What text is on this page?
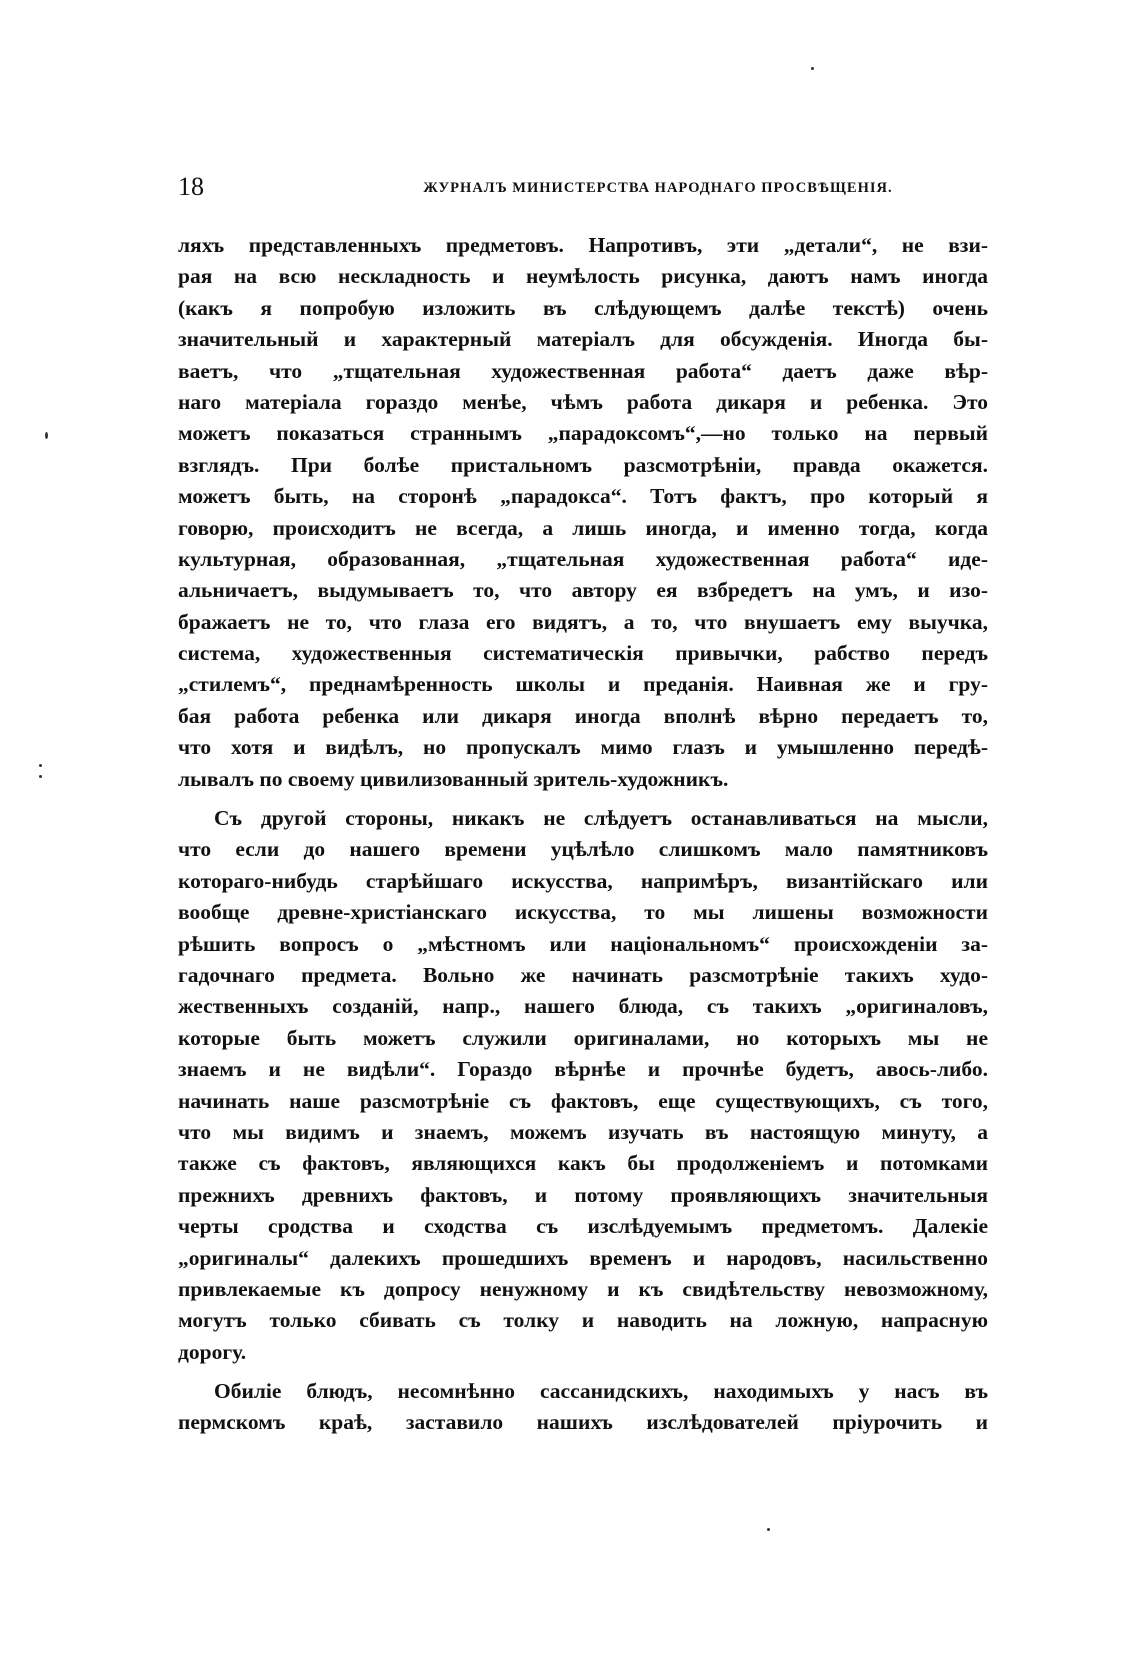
18	ЖУРНАЛЪ МИНИСТЕРСТВА НАРОДНАГО ПРОСВѢЩЕНІЯ.
ляхъ представленныхъ предметовъ. Напротивъ, эти „детали“, не взи-
рая на всю нескладность и неумѣлость рисунка, даютъ намъ иногда
(какъ я попробую изложить въ слѣдующемъ далѣе текстѣ) очень
значительный и характерный матеріалъ для обсужденія. Иногда бы-
ваетъ, что „тщательная художественная работа“ даетъ даже вѣр-
наго матеріала гораздо менѣе, чѣмъ работа дикаря и ребенка. Это
можетъ показаться страннымъ „парадоксомъ“,—но только на первый
взглядъ. При болѣе пристальномъ разсмотрѣніи, правда окажется.
можетъ быть, на сторонѣ „парадокса“. Тотъ фактъ, про который я
говорю, происходитъ не всегда, а лишь иногда, и именно тогда, когда
культурная, образованная, „тщательная художественная работа“ иде-
альничаетъ, выдумываетъ то, что автору ея взбредетъ на умъ, и изо-
бражаетъ не то, что глаза его видятъ, а то, что внушаетъ ему выучка,
система, художественныя систематическія привычки, рабство передъ
„стилемъ“, преднамѣренность школы и преданія. Наивная же и гру-
бая работа ребенка или дикаря иногда вполнѣ вѣрно передаетъ то,
что хотя и видѣлъ, но пропускалъ мимо глазъ и умышленно передѣ-
лывалъ по своему цивилизованный зритель-художникъ.
Съ другой стороны, никакъ не слѣдуетъ останавливаться на мысли,
что если до нашего времени уцѣлѣло слишкомъ мало памятниковъ
котораго-нибудь старѣйшаго искусства, напримѣръ, византійскаго или
вообще древне-христіанскаго искусства, то мы лишены возможности
рѣшить вопросъ о „мѣстномъ или національномъ“ происхожденіи за-
гадочнаго предмета. Вольно же начинать разсмотрѣніе такихъ худо-
жественныхъ созданій, напр., нашего блюда, съ такихъ „оригиналовъ,
которые быть можетъ служили оригиналами, но которыхъ мы не
знаемъ и не видѣли“. Гораздо вѣрнѣе и прочнѣе будетъ, авось-либо.
начинать наше разсмотрѣніе съ фактовъ, еще существующихъ, съ того,
что мы видимъ и знаемъ, можемъ изучать въ настоящую минуту, а
также съ фактовъ, являющихся какъ бы продолженіемъ и потомками
прежнихъ древнихъ фактовъ, и потому проявляющихъ значительныя
черты сродства и сходства съ изслѣдуемымъ предметомъ. Далекіе
„оригиналы“ далекихъ прошедшихъ временъ и народовъ, насильственно
привлекаемые къ допросу ненужному и къ свидѣтельству невозможному,
могутъ только сбивать съ толку и наводить на ложную, напрасную
дорогу.
Обиліе блюдъ, несомнѣнно сассанидскихъ, находимыхъ у насъ въ
пермскомъ краѣ, заставило нашихъ изслѣдователей пріурочить и
